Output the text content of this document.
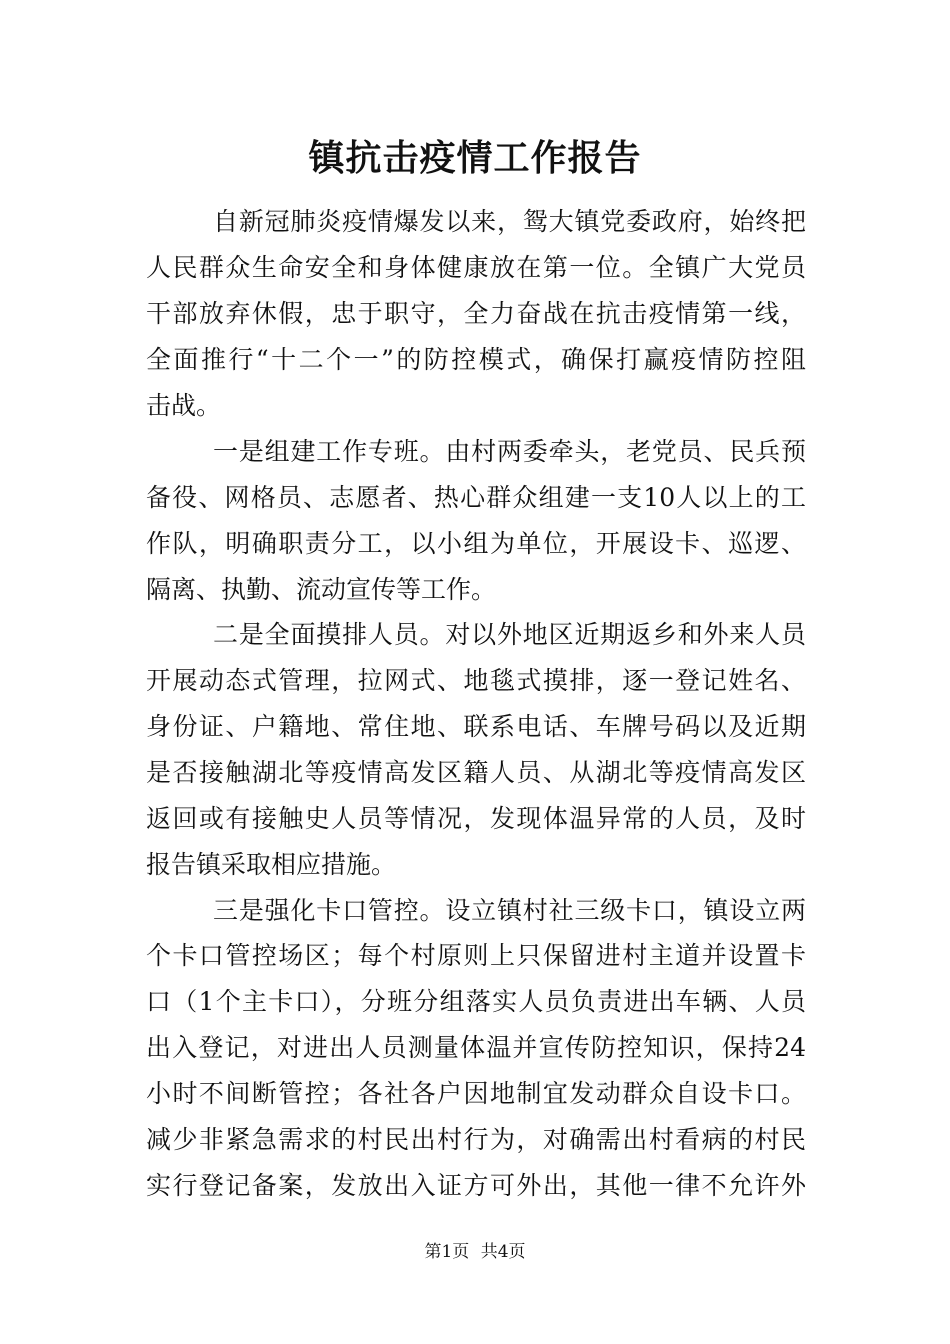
镇抗击疫情工作报告

自新冠肺炎疫情爆发以来，鸳大镇党委政府，始终把

人民群众生命安全和身体健康放在第一位。全镇广大党员

干部放弃休假，忠于职守，全力奋战在抗击疫情第一线，

全面推行“十二个一”的防控模式，确保打赢疫情防控阻

击战。

一是组建工作专班。由村两委牵头，老党员、民兵预

备役、网格员、志愿者、热心群众组建一支10人以上的工

作队，明确职责分工，以小组为单位，开展设卡、巡逻、

隔离、执勤、流动宣传等工作。

二是全面摸排人员。对以外地区近期返乡和外来人员

开展动态式管理，拉网式、地毯式摸排，逐一登记姓名、

身份证、户籍地、常住地、联系电话、车牌号码以及近期

是否接触湖北等疫情高发区籍人员、从湖北等疫情高发区

返回或有接触史人员等情况，发现体温异常的人员，及时

报告镇采取相应措施。

三是强化卡口管控。设立镇村社三级卡口，镇设立两

个卡口管控场区；每个村原则上只保留进村主道并设置卡

口（1个主卡口），分班分组落实人员负责进出车辆、人员

出入登记，对进出人员测量体温并宣传防控知识，保持24

小时不间断管控；各社各户因地制宜发动群众自设卡口。

减少非紧急需求的村民出村行为，对确需出村看病的村民

实行登记备案，发放出入证方可外出，其他一律不允许外

第1页 共4页
